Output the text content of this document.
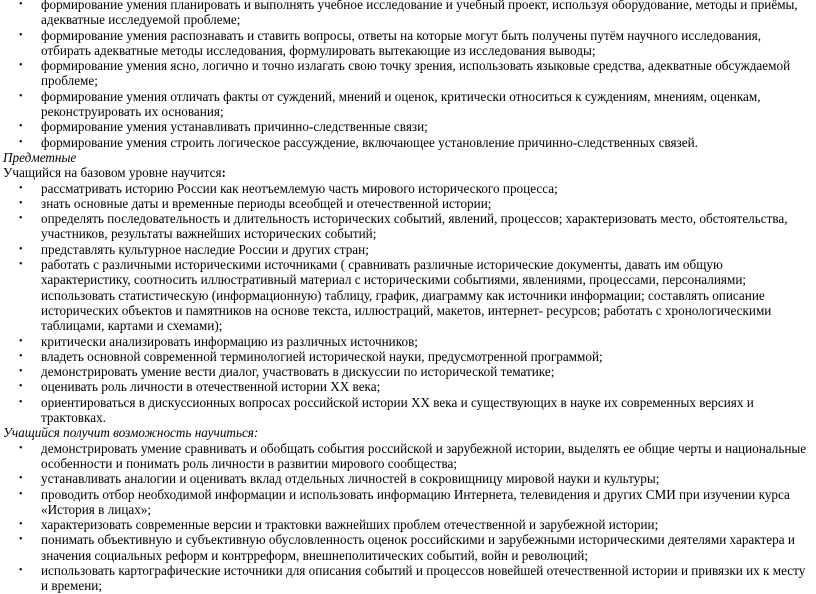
• формирование умения планировать и выполнять учебное исследование и учебный проект, используя оборудование, методы и приёмы, адекватные исследуемой проблеме;
• формирование умения распознавать и ставить вопросы, ответы на которые могут быть получены путём научного исследования, отбирать адекватные методы исследования, формулировать вытекающие из исследования выводы;
• формирование умения ясно, логично и точно излагать свою точку зрения, использовать языковые средства, адекватные обсуждаемой проблеме;
• формирование умения отличать факты от суждений, мнений и оценок, критически относиться к суждениям, мнениям, оценкам, реконструировать их основания;
• формирование умения устанавливать причинно-следственные связи;
• формирование умения строить логическое рассуждение, включающее установление причинно-следственных связей.
Предметные
Учащийся на базовом уровне научится:
• рассматривать историю России как неотъемлемую часть мирового исторического процесса;
• знать основные даты и временные периоды всеобщей и отечественной истории;
• определять последовательность и длительность исторических событий, явлений, процессов; характеризовать место, обстоятельства, участников, результаты важнейших исторических событий;
• представлять культурное наследие России и других стран;
• работать с различными историческими источниками ( сравнивать различные исторические документы, давать им общую характеристику, соотносить иллюстративный материал с историческими событиями, явлениями, процессами, персоналиями; использовать статистическую (информационную) таблицу, график, диаграмму как источники информации; составлять описание исторических объектов и памятников на основе текста, иллюстраций, макетов, интернет- ресурсов; работать с хронологическими таблицами, картами и схемами);
• критически анализировать информацию из различных источников;
• владеть основной современной терминологией исторической науки, предусмотренной программой;
• демонстрировать умение вести диалог, участвовать в дискуссии по исторической тематике;
• оценивать роль личности в отечественной истории XX века;
• ориентироваться в дискуссионных вопросах российской истории XX века и существующих в науке их современных версиях и трактовках.
Учащийся получит возможность научиться:
• демонстрировать умение сравнивать и обобщать события российской и зарубежной истории, выделять ее общие черты и национальные особенности и понимать роль личности в развитии мирового сообщества;
• устанавливать аналогии и оценивать вклад отдельных личностей в сокровищницу мировой науки и культуры;
• проводить отбор необходимой информации и использовать информацию Интернета, телевидения и других СМИ при изучении курса «История в лицах»;
• характеризовать современные версии и трактовки важнейших проблем отечественной и зарубежной истории;
• понимать объективную и субъективную обусловленность оценок российскими и зарубежными историческими деятелями характера и значения социальных реформ и контрреформ, внешнеполитических событий, войн и революций;
• использовать картографические источники для описания событий и процессов новейшей отечественной истории и привязки их к месту и времени;
